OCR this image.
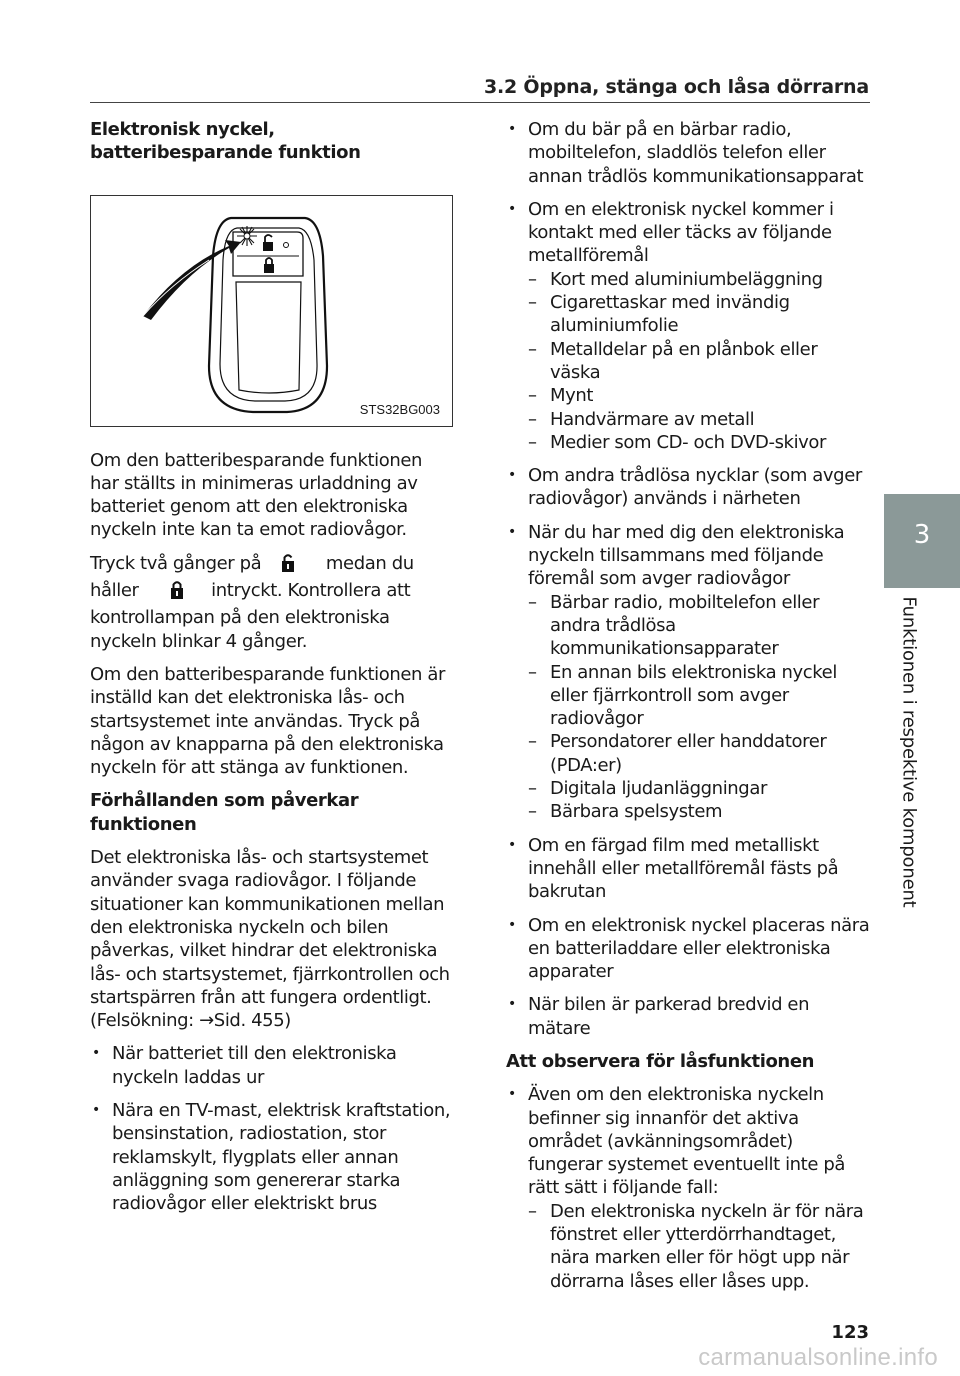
3.2 Öppna, stänga och låsa dörrarna
Elektronisk nyckel, batteribesparande funktion
STS32BG003
Om den batteribesparande funktionen har ställts in minimeras urladdning av batteriet genom att den elektroniska nyckeln inte kan ta emot radiovågor.
Tryck två gånger på	medan du håller	intryckt. Kontrollera att kontrollampan på den elektroniska nyckeln blinkar 4 gånger.
Om den batteribesparande funktionen är inställd kan det elektroniska lås- och startsystemet inte användas. Tryck på någon av knapparna på den elektroniska nyckeln för att stänga av funktionen.
Förhållanden som påverkar funktionen
Det elektroniska lås- och startsystemet använder svaga radiovågor. I följande situationer kan kommunikationen mellan den elektroniska nyckeln och bilen påverkas, vilket hindrar det elektroniska lås- och startsystemet, fjärrkontrollen och startspärren från att fungera ordentligt. (Felsökning: →Sid. 455)
• När batteriet till den elektroniska nyckeln laddas ur
• Nära en TV-mast, elektrisk kraftstation, bensinstation, radiostation, stor reklamskylt, flygplats eller annan anläggning som genererar starka radiovågor eller elektriskt brus
• Om du bär på en bärbar radio, mobiltelefon, sladdlös telefon eller annan trådlös kommunikationsapparat
• Om en elektronisk nyckel kommer i kontakt med eller täcks av följande metallföremål
– Kort med aluminiumbeläggning
– Cigarettaskar med invändig aluminiumfolie
– Metalldelar på en plånbok eller väska
– Mynt
– Handvärmare av metall
– Medier som CD- och DVD-skivor
• Om andra trådlösa nycklar (som avger radiovågor) används i närheten
• När du har med dig den elektroniska nyckeln tillsammans med följande föremål som avger radiovågor
– Bärbar radio, mobiltelefon eller andra trådlösa kommunikationsapparater
– En annan bils elektroniska nyckel eller fjärrkontroll som avger radiovågor
– Persondatorer eller handdatorer (PDA:er)
– Digitala ljudanläggningar
– Bärbara spelsystem
• Om en färgad film med metalliskt innehåll eller metallföremål fästs på bakrutan
• Om en elektronisk nyckel placeras nära en batteriladdare eller elektroniska apparater
• När bilen är parkerad bredvid en mätare
Att observera för låsfunktionen
• Även om den elektroniska nyckeln befinner sig innanför det aktiva området (avkänningsområdet) fungerar systemet eventuellt inte på rätt sätt i följande fall:
– Den elektroniska nyckeln är för nära fönstret eller ytterdörrhandtaget, nära marken eller för högt upp när dörrarna låses eller låses upp.
3
Funktionen i respektive komponent
123
carmanualsonline.info
